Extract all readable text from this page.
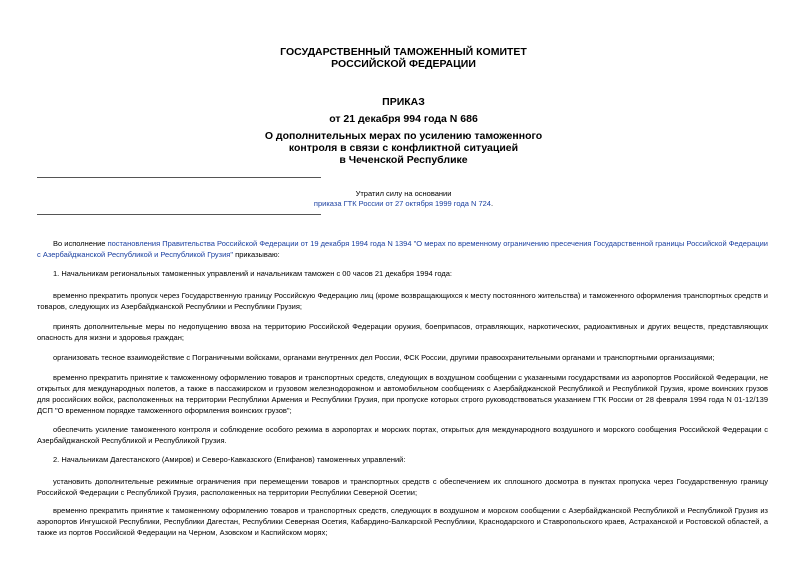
ГОСУДАРСТВЕННЫЙ ТАМОЖЕННЫЙ КОМИТЕТ
РОССИЙСКОЙ ФЕДЕРАЦИИ
ПРИКАЗ
от 21 декабря 994 года N 686
О дополнительных мерах по усилению таможенного
контроля в связи с конфликтной ситуацией
в Чеченской Республике
Утратил силу на основании
приказа ГТК России от 27 октября 1999 года N 724.
Во исполнение постановления Правительства Российской Федерации от 19 декабря 1994 года N 1394 "О мерах по временному ограничению пресечения Государственной границы Российской Федерации с Азербайджанской Республикой и Республикой Грузия" приказываю:
1. Начальникам региональных таможенных управлений и начальникам таможен с 00 часов 21 декабря 1994 года:
временно прекратить пропуск через Государственную границу Российскую Федерацию лиц (кроме возвращающихся к месту постоянного жительства) и таможенного оформления транспортных средств и товаров, следующих из Азербайджанской Республики и Республики Грузия;
принять дополнительные меры по недопущению ввоза на территорию Российской Федерации оружия, боеприпасов, отравляющих, наркотических, радиоактивных и других веществ, представляющих опасность для жизни и здоровья граждан;
организовать тесное взаимодействие с Пограничными войсками, органами внутренних дел России, ФСК России, другими правоохранительными органами и транспортными организациями;
временно прекратить принятие к таможенному оформлению товаров и транспортных средств, следующих в воздушном сообщении с указанными государствами из аэропортов Российской Федерации, не открытых для международных полетов, а также в пассажирском и грузовом железнодорожном и автомобильном сообщениях с Азербайджанской Республикой и Республикой Грузия, кроме воинских грузов для российских войск, расположенных на территории Республики Армения и Республики Грузия, при пропуске которых строго руководствоваться указанием ГТК России от 28 февраля 1994 года N 01-12/139 ДСП "О временном порядке таможенного оформления воинских грузов";
обеспечить усиление таможенного контроля и соблюдение особого режима в аэропортах и морских портах, открытых для международного воздушного и морского сообщения Российской Федерации с Азербайджанской Республикой и Республикой Грузия.
2. Начальникам Дагестанского (Амиров) и Северо-Кавказского (Епифанов) таможенных управлений:
установить дополнительные режимные ограничения при перемещении товаров и транспортных средств с обеспечением их сплошного досмотра в пунктах пропуска через Государственную границу Российской Федерации с Республикой Грузия, расположенных на территории Республики Северной Осетии;
временно прекратить принятие к таможенному оформлению товаров и транспортных средств, следующих в воздушном и морском сообщении с Азербайджанской Республикой и Республикой Грузия из аэропортов Ингушской Республики, Республики Дагестан, Республики Северная Осетия, Кабардино-Балкарской Республики, Краснодарского и Ставропольского краев, Астраханской и Ростовской областей, а также из портов Российской Федерации на Черном, Азовском и Каспийском морях;
